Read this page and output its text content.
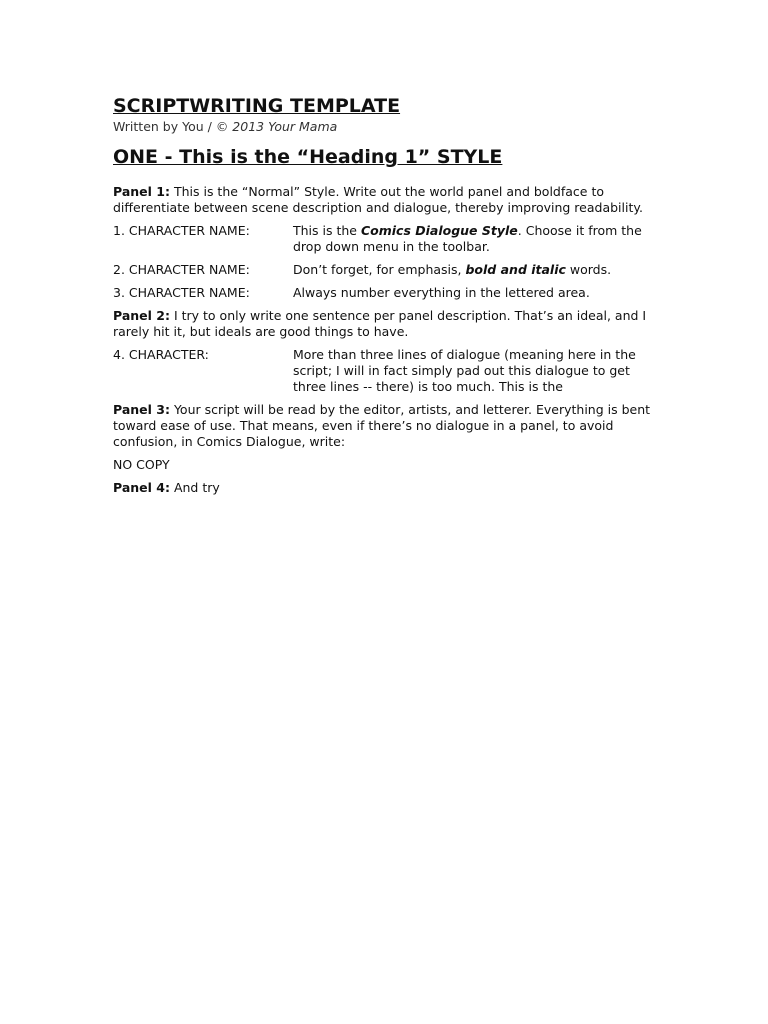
SCRIPTWRITING TEMPLATE
Written by You / © 2013 Your Mama
ONE - This is the “Heading 1” STYLE

Panel 1: This is the “Normal” Style. Write out the world panel and boldface to differentiate between scene description and dialogue, thereby improving readability.

1. CHARACTER NAME:	This is the Comics Dialogue Style. Choose it from the drop down menu in the toolbar.
2. CHARACTER NAME:	Don’t forget, for emphasis, bold and italic words.
3. CHARACTER NAME:	Always number everything in the lettered area.

Panel 2: I try to only write one sentence per panel description. That’s an ideal, and I rarely hit it, but ideals are good things to have.

4. CHARACTER:	More than three lines of dialogue (meaning here in the script; I will in fact simply pad out this dialogue to get three lines -- there) is too much. This is the

Panel 3: Your script will be read by the editor, artists, and letterer. Everything is bent toward ease of use. That means, even if there’s no dialogue in a panel, to avoid confusion, in Comics Dialogue, write:

NO COPY

Panel 4: And try
